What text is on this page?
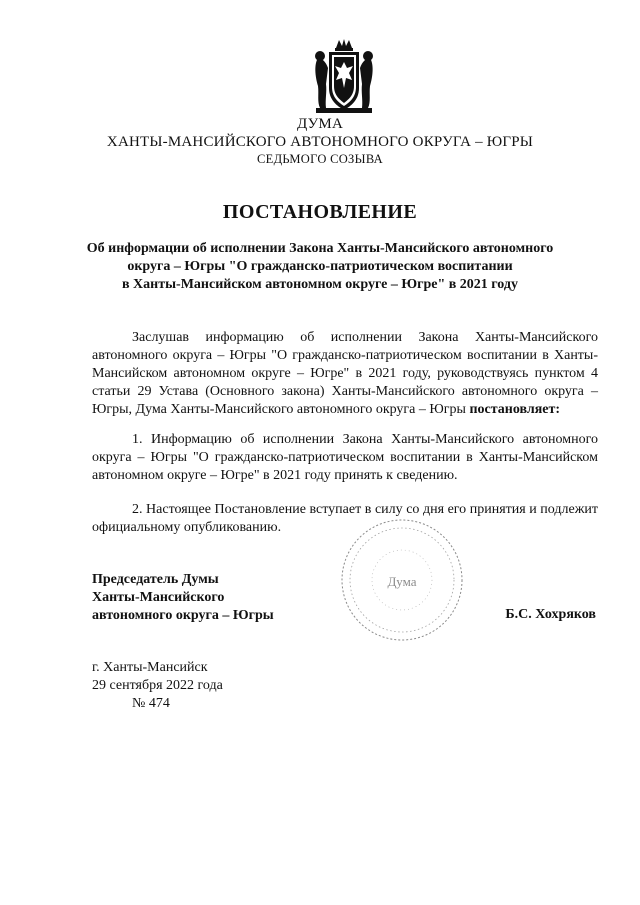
ДУМА
ХАНТЫ-МАНСИЙСКОГО АВТОНОМНОГО ОКРУГА – ЮГРЫ
СЕДЬМОГО СОЗЫВА
ПОСТАНОВЛЕНИЕ
Об информации об исполнении Закона Ханты-Мансийского автономного
округа – Югры "О гражданско-патриотическом воспитании
в Ханты-Мансийском автономном округе – Югре" в 2021 году
Заслушав информацию об исполнении Закона Ханты-Мансийского автономного округа – Югры "О гражданско-патриотическом воспитании в Ханты-Мансийском автономном округе – Югре" в 2021 году, руководствуясь пунктом 4 статьи 29 Устава (Основного закона) Ханты-Мансийского автономного округа – Югры, Дума Ханты-Мансийского автономного округа – Югры постановляет:
1. Информацию об исполнении Закона Ханты-Мансийского автономного округа – Югры "О гражданско-патриотическом воспитании в Ханты-Мансийском автономном округе – Югре" в 2021 году принять к сведению.
2. Настоящее Постановление вступает в силу со дня его принятия и подлежит официальному опубликованию.
Дума
Председатель Думы
Ханты-Мансийского
автономного округа – Югры	Б.С. Хохряков
г. Ханты-Мансийск
29 сентября 2022 года
№ 474
